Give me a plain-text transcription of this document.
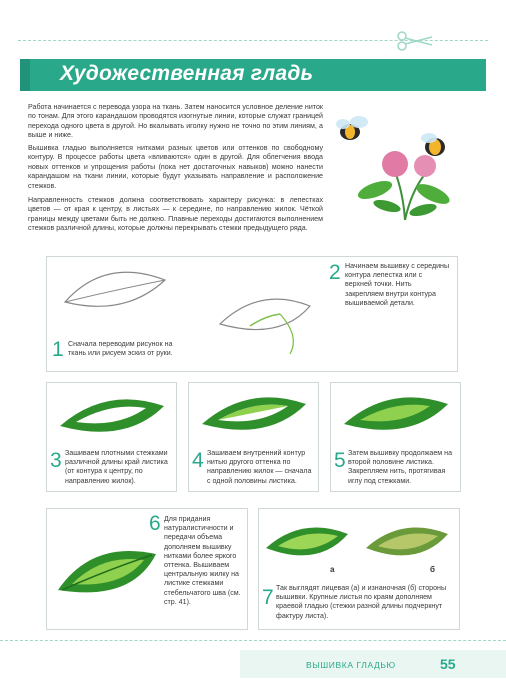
Художественная гладь

Работа начинается с перевода узора на ткань. Затем наносится условное деление ниток по тонам. Для этого карандашом проводятся изогнутые линии, которые служат границей перехода одного цвета в другой. Но вкалывать иголку нужно не точно по этим линиям, а выше и ниже.

Вышивка гладью выполняется нитками разных цветов или оттенков по свободному контуру. В процессе работы цвета «вливаются» один в другой. Для облегчения ввода новых оттенков и упрощения работы (пока нет достаточных навыков) можно нанести карандашом на ткани линии, которые будут указывать направление и расположение стежков.

Направленность стежков должна соответствовать характеру рисунка: в лепестках цветов — от края к центру, в листьях — к середине, по направлению жилок. Чёткой границы между цветами быть не должно. Плавные переходы достигаются выполнением стежков различной длины, которые должны перекрывать стежки предыдущего ряда.

1 Сначала переводим рисунок на ткань или рисуем эскиз от руки.

2 Начинаем вышивку с середины контура лепестка или с верхней точки. Нить закрепляем внутри контура вышиваемой детали.

3 Зашиваем плотными стежками различной длины край листика (от контура к центру, по направлению жилок).

4 Зашиваем внутренний контур нитью другого оттенка по направлению жилок — сначала с одной половины листика.

5 Затем вышивку продолжаем на второй половине листика. Закрепляем нить, протягивая иглу под стежками.

6 Для придания натуралистичности и передачи объема дополняем вышивку нитками более яркого оттенка. Вышиваем центральную жилку на листике стежками стебельчатого шва (см. стр. 41).

а	б
7 Так выглядят лицевая (а) и изнаночная (б) стороны вышивки. Крупные листья по краям дополняем краевой гладью (стежки разной длины подчеркнут фактуру листа).

ВЫШИВКА ГЛАДЬЮ	55
